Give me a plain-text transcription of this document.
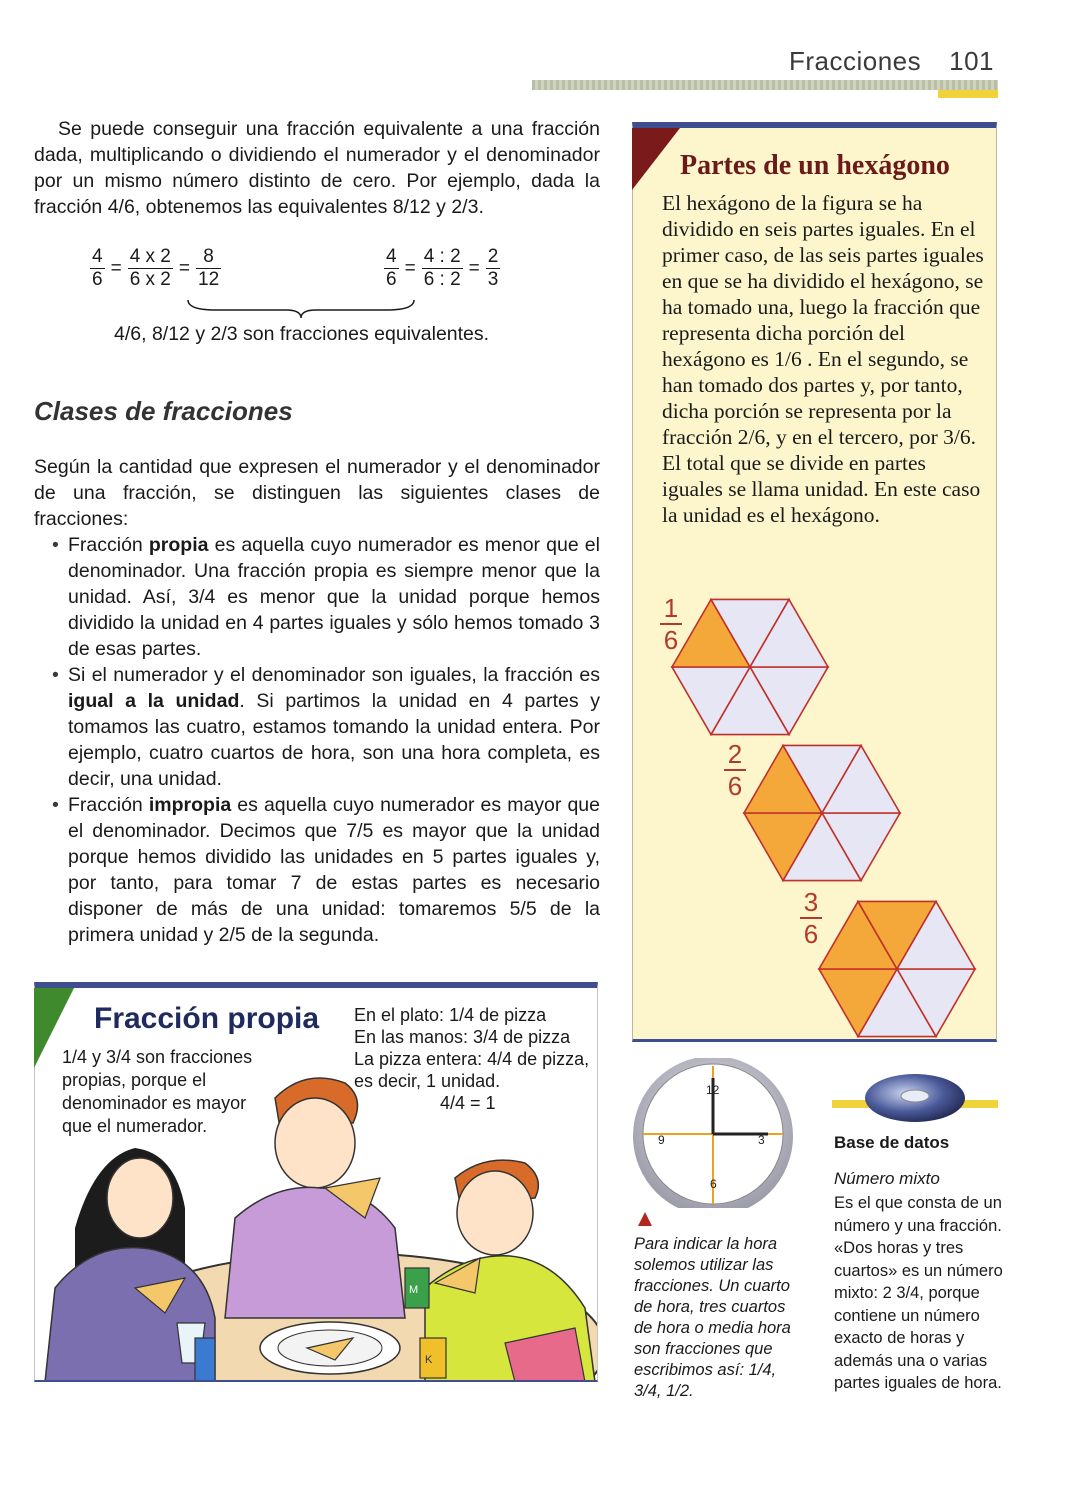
Fracciones 101

Se puede conseguir una fracción equivalente a una fracción dada, multiplicando o dividiendo el numerador y el denominador por un mismo número distinto de cero. Por ejemplo, dada la fracción 4/6, obtenemos las equivalentes 8/12 y 2/3.

$\frac{4}{6} = \frac{4 x 2}{6 x 2} = \frac{8}{12}$	$\frac{4}{6} = \frac{4 : 2}{6 : 2} = \frac{2}{3}$
4/6, 8/12 y 2/3 son fracciones equivalentes.
Clases de fracciones

Según la cantidad que expresen el numerador y el denominador de una fracción, se distinguen las siguientes clases de fracciones:

• Fracción propia es aquella cuyo numerador es menor que el denominador. Una fracción propia es siempre menor que la unidad. Así, 3/4 es menor que la unidad porque hemos dividido la unidad en 4 partes iguales y sólo hemos tomado 3 de esas partes.
• Si el numerador y el denominador son iguales, la fracción es igual a la unidad. Si partimos la unidad en 4 partes y tomamos las cuatro, estamos tomando la unidad entera. Por ejemplo, cuatro cuartos de hora, son una hora completa, es decir, una unidad.
• Fracción impropia es aquella cuyo numerador es mayor que el denominador. Decimos que 7/5 es mayor que la unidad porque hemos dividido las unidades en 5 partes iguales y, por tanto, para tomar 7 de estas partes es necesario disponer de más de una unidad: tomaremos 5/5 de la primera unidad y 2/5 de la segunda.
Partes de un hexágono

El hexágono de la figura se ha dividido en seis partes iguales. En el primer caso, de las seis partes iguales en que se ha dividido el hexágono, se ha tomado una, luego la fracción que representa dicha porción del hexágono es 1/6 . En el segundo, se han tomado dos partes y, por tanto, dicha porción se representa por la fracción 2/6, y en el tercero, por 3/6. El total que se divide en partes iguales se llama unidad. En este caso la unidad es el hexágono.

1
6
2
6
3
6
M
K
Fracción propia

1/4 y 3/4 son fracciones propias, porque el denominador es mayor que el numerador.

En el plato: 1/4 de pizza
En las manos: 3/4 de pizza
La pizza entera: 4/4 de pizza, es decir, 1 unidad.
4/4 = 1
12
3
6
9

Para indicar la hora solemos utilizar las fracciones. Un cuarto de hora, tres cuartos de hora o media hora son fracciones que escribimos así: 1/4, 3/4, 1/2.

Base de datos
Número mixto

Es el que consta de un número y una fracción. «Dos horas y tres cuartos» es un número mixto: 2 3/4, porque contiene un número exacto de horas y además una o varias partes iguales de hora.
